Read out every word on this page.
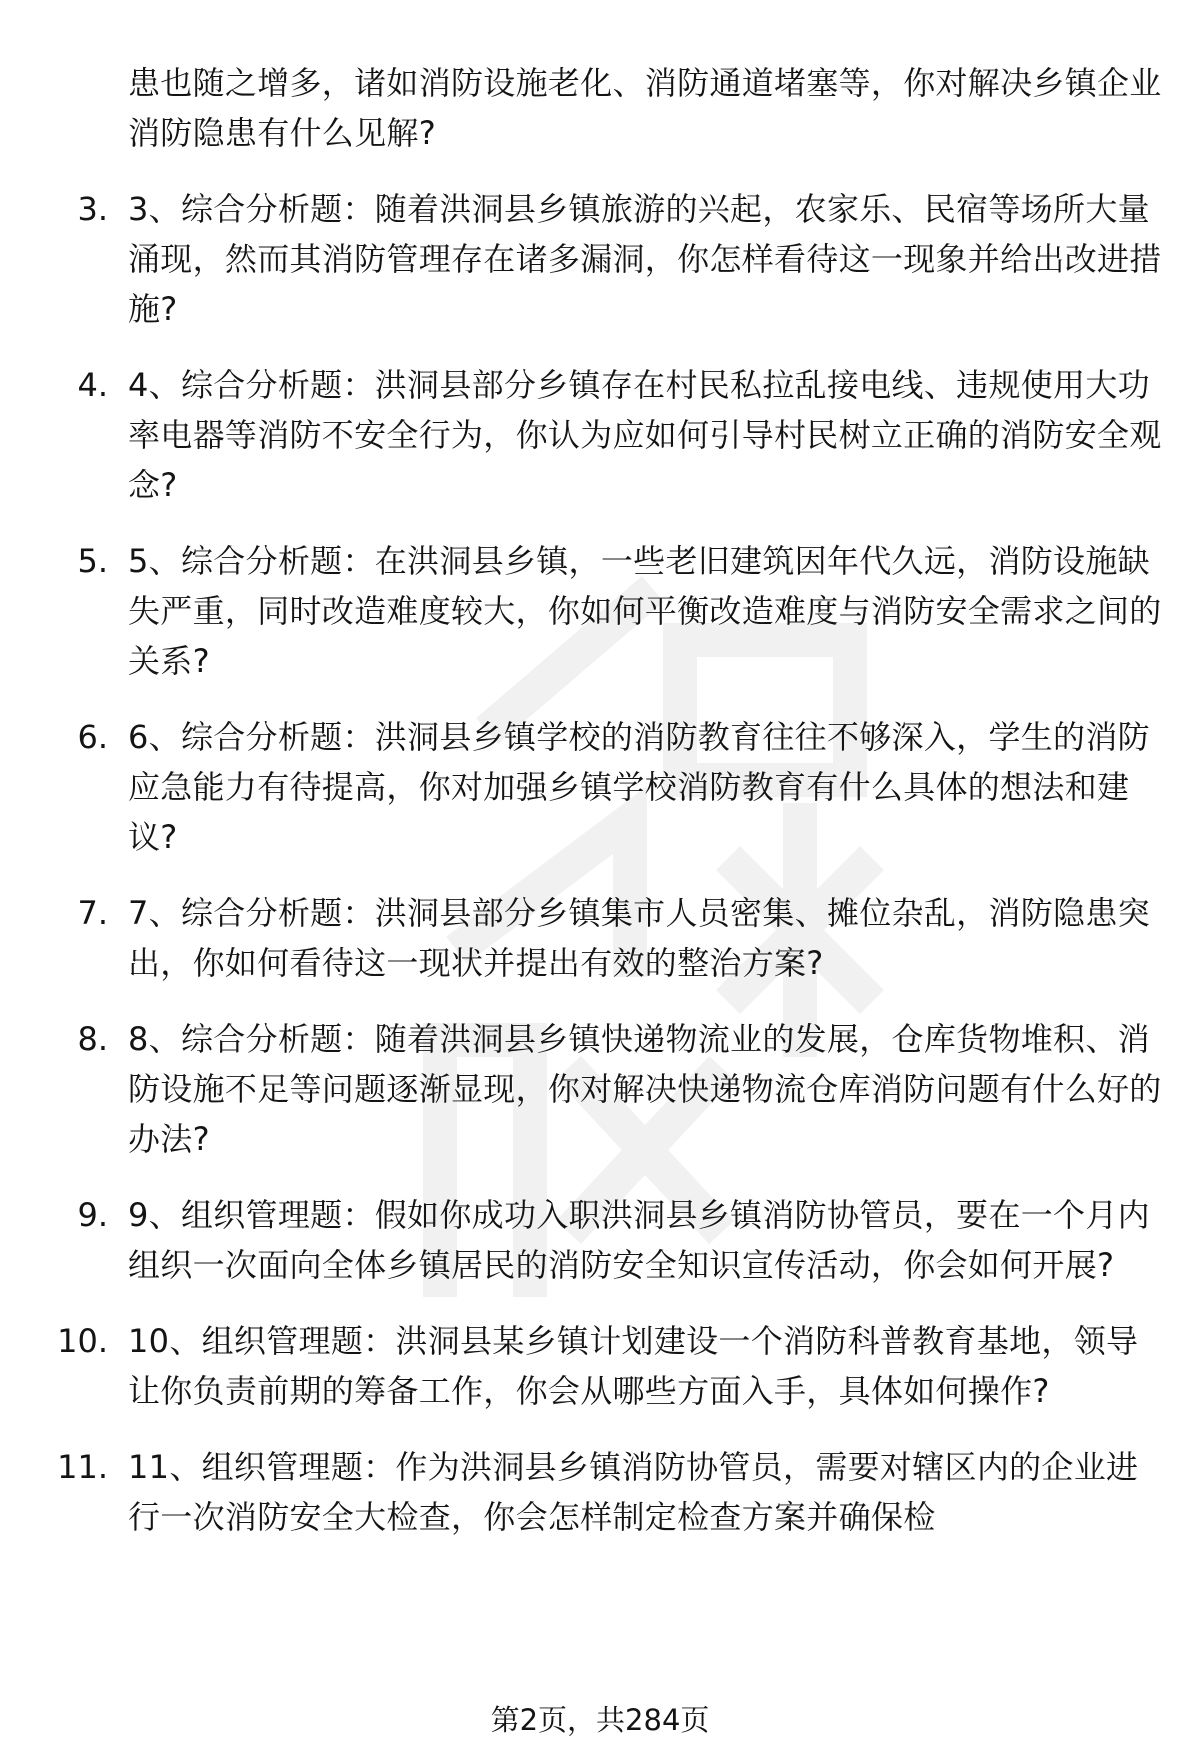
患也随之增多，诸如消防设施老化、消防通道堵塞等，你对解决乡镇企业消防隐患有什么见解?

3. 3、综合分析题：随着洪洞县乡镇旅游的兴起，农家乐、民宿等场所大量涌现，然而其消防管理存在诸多漏洞，你怎样看待这一现象并给出改进措施?

4. 4、综合分析题：洪洞县部分乡镇存在村民私拉乱接电线、违规使用大功率电器等消防不安全行为，你认为应如何引导村民树立正确的消防安全观念?

5. 5、综合分析题：在洪洞县乡镇，一些老旧建筑因年代久远，消防设施缺失严重，同时改造难度较大，你如何平衡改造难度与消防安全需求之间的关系?

6. 6、综合分析题：洪洞县乡镇学校的消防教育往往不够深入，学生的消防应急能力有待提高，你对加强乡镇学校消防教育有什么具体的想法和建议?

7. 7、综合分析题：洪洞县部分乡镇集市人员密集、摊位杂乱，消防隐患突出，你如何看待这一现状并提出有效的整治方案?

8. 8、综合分析题：随着洪洞县乡镇快递物流业的发展，仓库货物堆积、消防设施不足等问题逐渐显现，你对解决快递物流仓库消防问题有什么好的办法?

9. 9、组织管理题：假如你成功入职洪洞县乡镇消防协管员，要在一个月内组织一次面向全体乡镇居民的消防安全知识宣传活动，你会如何开展?

10. 10、组织管理题：洪洞县某乡镇计划建设一个消防科普教育基地，领导让你负责前期的筹备工作，你会从哪些方面入手，具体如何操作?

11. 11、组织管理题：作为洪洞县乡镇消防协管员，需要对辖区内的企业进行一次消防安全大检查，你会怎样制定检查方案并确保检

第2页，共284页
